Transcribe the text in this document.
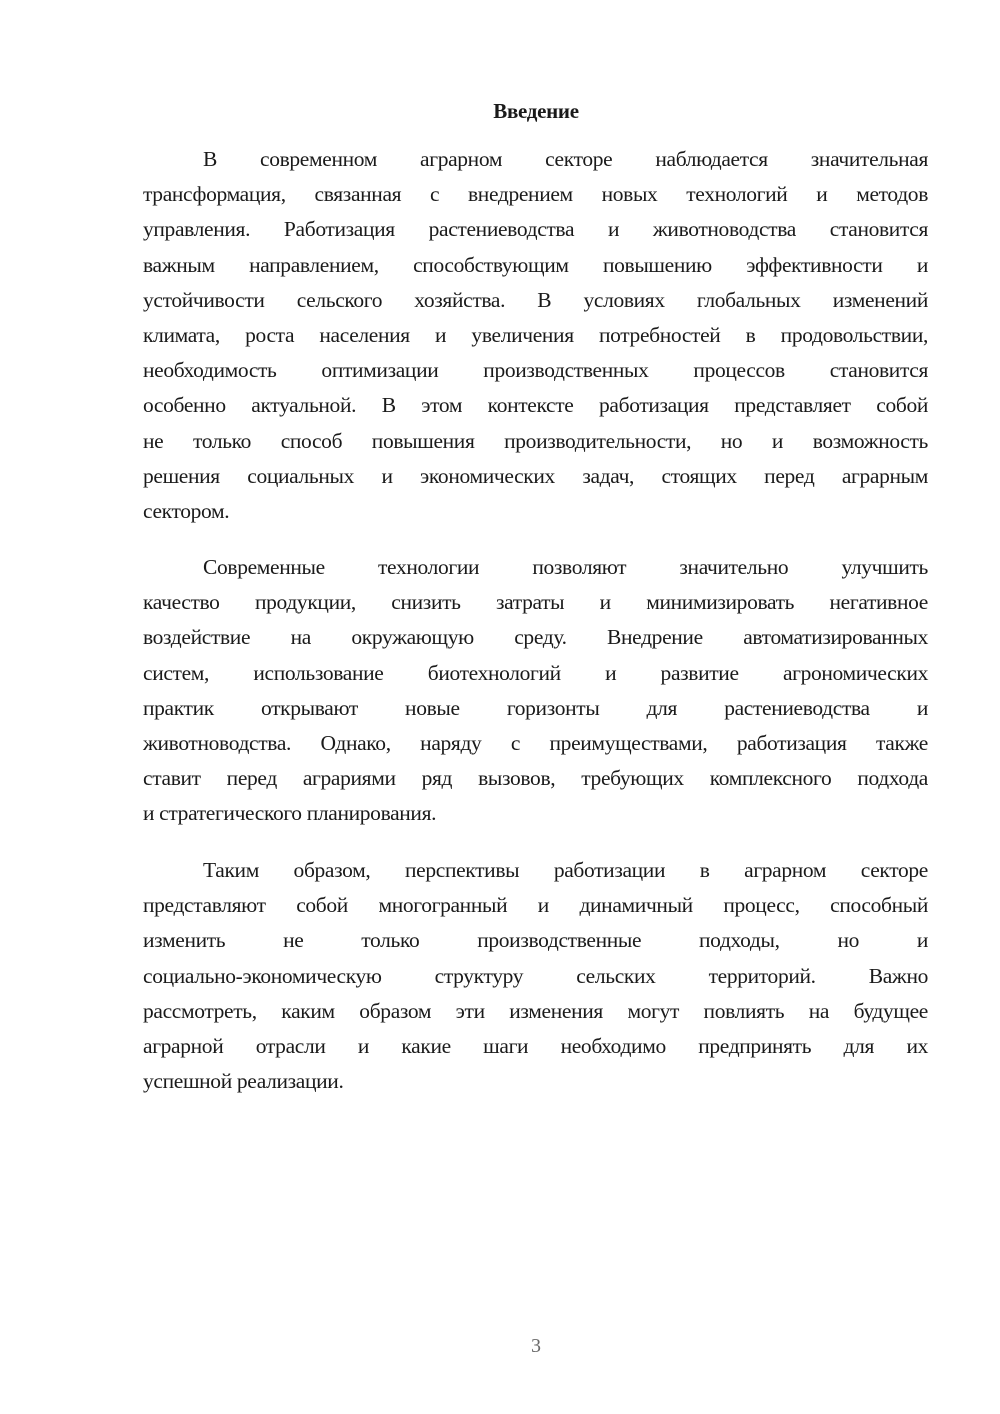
Введение
В современном аграрном секторе наблюдается значительная
трансформация, связанная с внедрением новых технологий и методов
управления. Работизация растениеводства и животноводства становится
важным направлением, способствующим повышению эффективности и
устойчивости сельского хозяйства. В условиях глобальных изменений
климата, роста населения и увеличения потребностей в продовольствии,
необходимость оптимизации производственных процессов становится
особенно актуальной. В этом контексте работизация представляет собой
не только способ повышения производительности, но и возможность
решения социальных и экономических задач, стоящих перед аграрным
сектором.
Современные технологии позволяют значительно улучшить
качество продукции, снизить затраты и минимизировать негативное
воздействие на окружающую среду. Внедрение автоматизированных
систем, использование биотехнологий и развитие агрономических
практик открывают новые горизонты для растениеводства и
животноводства. Однако, наряду с преимуществами, работизация также
ставит перед аграриями ряд вызовов, требующих комплексного подхода
и стратегического планирования.
Таким образом, перспективы работизации в аграрном секторе
представляют собой многогранный и динамичный процесс, способный
изменить не только производственные подходы, но и
социально-экономическую структуру сельских территорий. Важно
рассмотреть, каким образом эти изменения могут повлиять на будущее
аграрной отрасли и какие шаги необходимо предпринять для их
успешной реализации.
3
